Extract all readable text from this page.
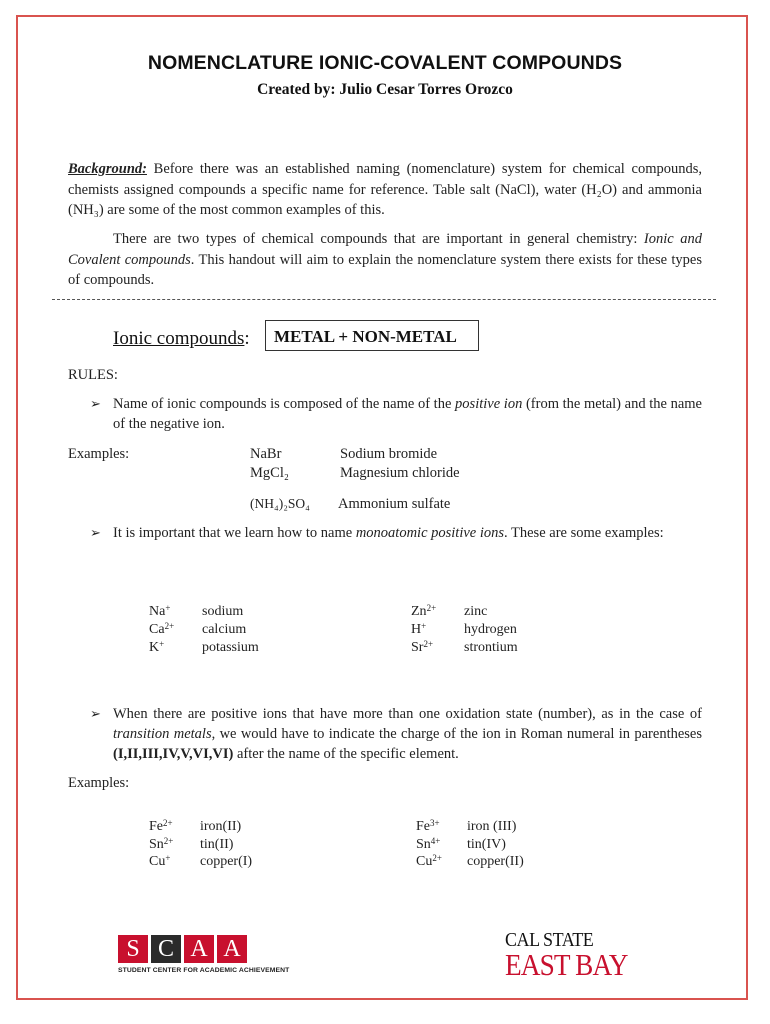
NOMENCLATURE IONIC-COVALENT COMPOUNDS
Created by: Julio Cesar Torres Orozco

Background: Before there was an established naming (nomenclature) system for chemical compounds, chemists assigned compounds a specific name for reference. Table salt (NaCl), water (H₂O) and ammonia (NH₃) are some of the most common examples of this.

There are two types of chemical compounds that are important in general chemistry: Ionic and Covalent compounds. This handout will aim to explain the nomenclature system there exists for these types of compounds.

Ionic compounds:	METAL + NON-METAL
RULES:
➢ Name of ionic compounds is composed of the name of the positive ion (from the metal) and the name of the negative ion.
Examples:	NaBr	Sodium bromide
MgCl₂	Magnesium chloride
(NH₄)₂SO₄ Ammonium sulfate
➢ It is important that we learn how to name monoatomic positive ions. These are some examples:
Na+ sodium
$Ca^{2+}$ calcium
K+	potassium
$Zn^{2+}$ zinc
H+	hydrogen
$Sr^{2+}$ strontium
➢ When there are positive ions that have more than one oxidation state (number), as in the case of transition metals, we would have to indicate the charge of the ion in Roman numeral in parentheses (I,II,III,IV,V,VI,VI) after the name of the specific element.
Examples:
$Fe^{2+}$ iron(II)
$Sn^{2+}$ tin(II)
Cu+ copper(I)
$Fe^{3+}$ iron (III)
$Sn^{4+}$ tin(IV)
$Cu^{2+}$ copper(II)
S C A A
STUDENT CENTER FOR ACADEMIC ACHIEVEMENT
CAL STATE
EAST BAY
